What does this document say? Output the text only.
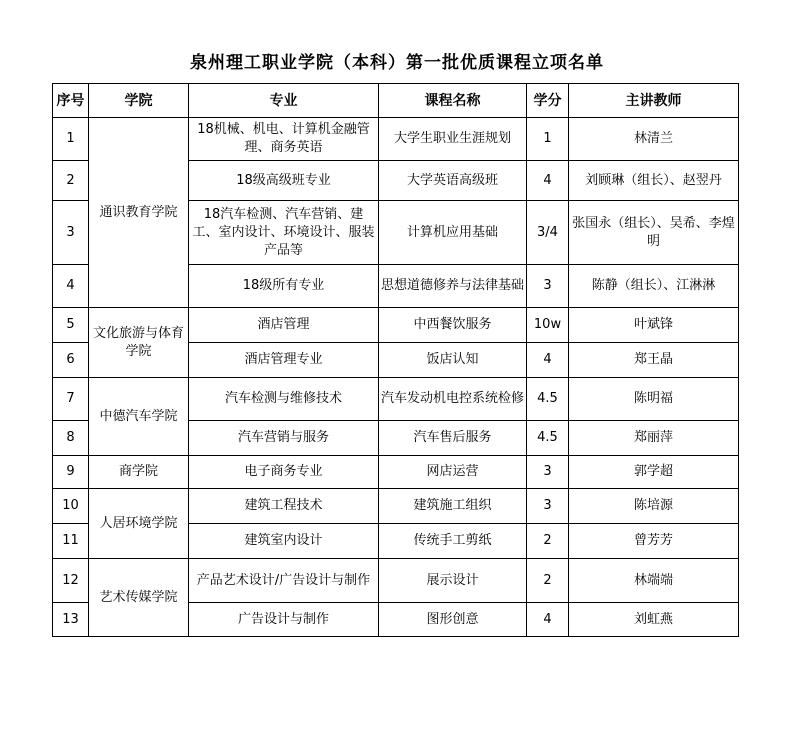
泉州理工职业学院（本科）第一批优质课程立项名单
序号	学院	专业	课程名称	学分	主讲教师
1	通识教育学院	18机械、机电、计算机金融管理、商务英语	大学生职业生涯规划	1	林清兰
2		18级高级班专业	大学英语高级班	4	刘顾琳（组长）、赵翌丹
3		18汽车检测、汽车营销、建工、室内设计、环境设计、服装产品等	计算机应用基础	3/4	张国永（组长）、吴希、李煌明
4		18级所有专业	思想道德修养与法律基础	3	陈静（组长）、江淋淋
5	文化旅游与体育学院	酒店管理	中西餐饮服务	10w	叶斌锋
6		酒店管理专业	饭店认知	4	郑王晶
7	中德汽车学院	汽车检测与维修技术	汽车发动机电控系统检修	4.5	陈明福
8		汽车营销与服务	汽车售后服务	4.5	郑丽萍
9	商学院	电子商务专业	网店运营	3	郭学超
10	人居环境学院	建筑工程技术	建筑施工组织	3	陈培源
11		建筑室内设计	传统手工剪纸	2	曾芳芳
12	艺术传媒学院	产品艺术设计/广告设计与制作	展示设计	2	林端端
13		广告设计与制作	图形创意	4	刘虹燕
